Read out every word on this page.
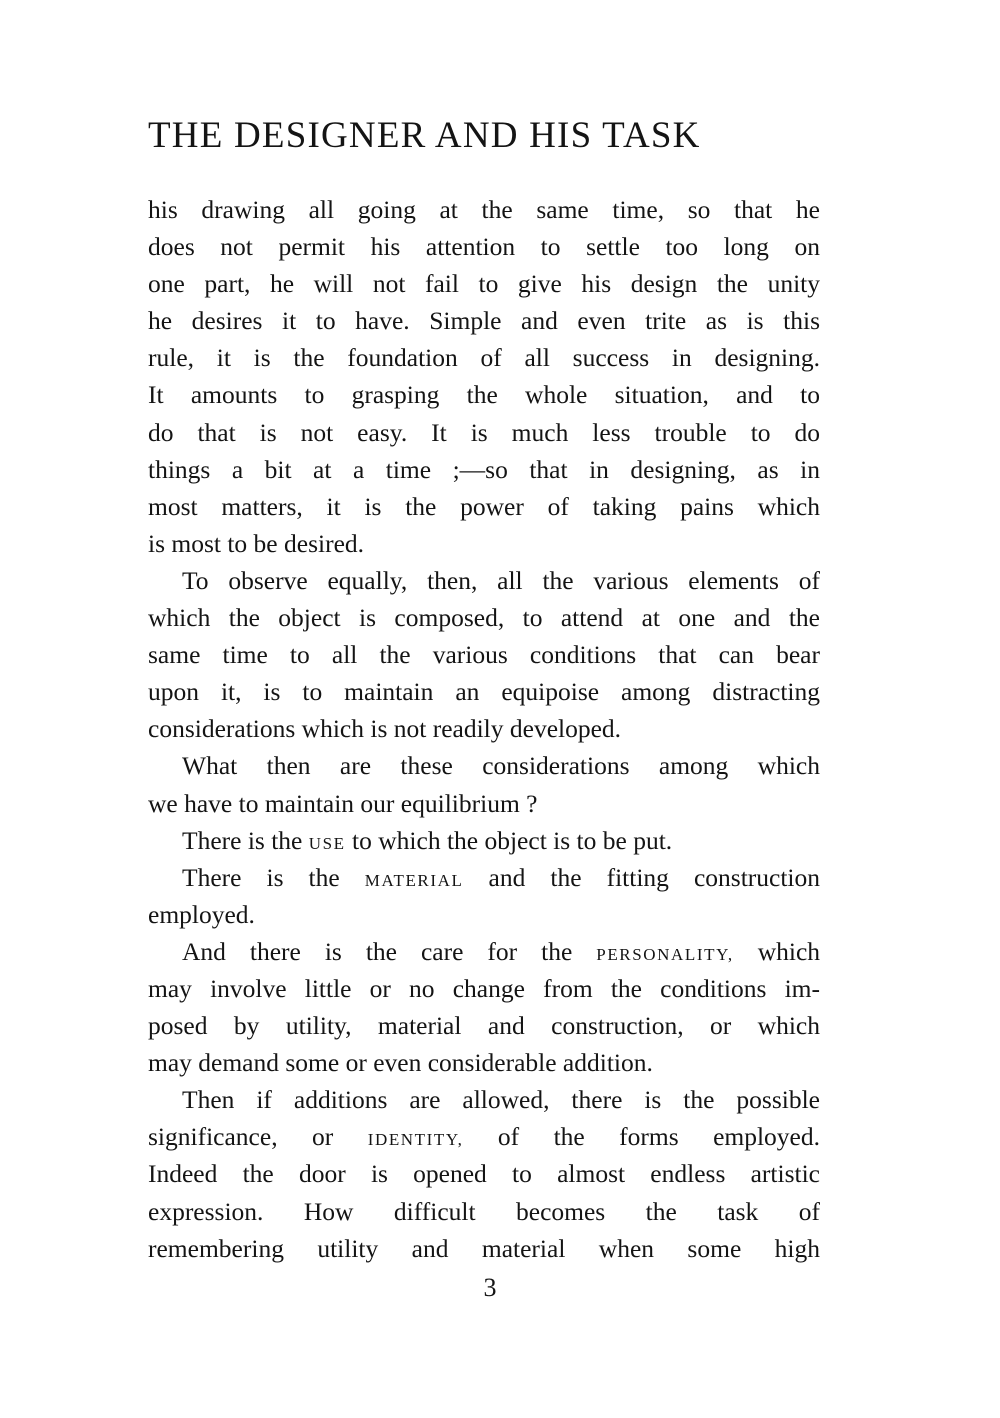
THE DESIGNER AND HIS TASK
his drawing all going at the same time, so that he
does not permit his attention to settle too long on
one part, he will not fail to give his design the unity
he desires it to have. Simple and even trite as is this
rule, it is the foundation of all success in designing.
It amounts to grasping the whole situation, and to
do that is not easy. It is much less trouble to do
things a bit at a time ;—so that in designing, as in
most matters, it is the power of taking pains which
is most to be desired.
To observe equally, then, all the various elements of
which the object is composed, to attend at one and the
same time to all the various conditions that can bear
upon it, is to maintain an equipoise among distracting
considerations which is not readily developed.
What then are these considerations among which
we have to maintain our equilibrium ?
There is the USE to which the object is to be put.
There is the MATERIAL and the fitting construction
employed.
And there is the care for the PERSONALITY, which
may involve little or no change from the conditions im-
posed by utility, material and construction, or which
may demand some or even considerable addition.
Then if additions are allowed, there is the possible
significance, or IDENTITY, of the forms employed.
Indeed the door is opened to almost endless artistic
expression. How difficult becomes the task of
remembering utility and material when some high
3
